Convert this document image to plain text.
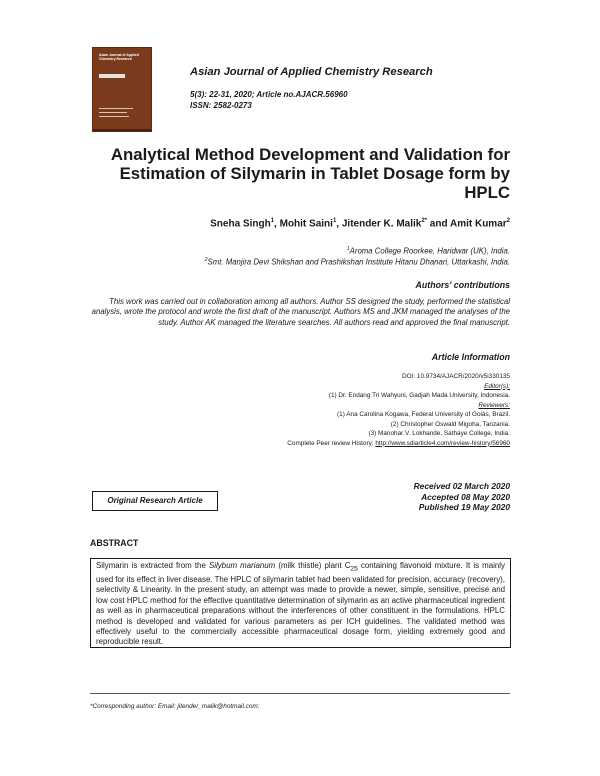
Asian Journal of Applied Chemistry Research
Asian Journal of Applied Chemistry Research
5(3): 22-31, 2020; Article no.AJACR.56960
ISSN: 2582-0273
Analytical Method Development and Validation for Estimation of Silymarin in Tablet Dosage form by HPLC
Sneha Singh$^1$, Mohit Saini$^1$, Jitender K. Malik$^{2*}$ and Amit Kumar$^2$
$^1$Aroma College Roorkee, Haridwar (UK), India.
$^2$Smt. Manjira Devi Shikshan and Prashikshan Institute Hitanu Dhanari, Uttarkashi, India.
Authors' contributions

This work was carried out in collaboration among all authors. Author SS designed the study, performed the statistical analysis, wrote the protocol and wrote the first draft of the manuscript. Authors MS and JKM managed the analyses of the study. Author AK managed the literature searches. All authors read and approved the final manuscript.

Article Information
DOI: 10.9734/AJACR/2020/v5i330135
Editor(s):
(1) Dr. Endang Tri Wahyuni, Gadjah Mada University, Indonesia.
Reviewers:
(1) Ana Carolina Kogawa, Federal University of Goiás, Brazil.
(2) Christopher Oswald Migoha, Tanzania.
(3) Manohar V. Lokhande, Sathaye College, India.
Complete Peer review History: http://www.sdiarticle4.com/review-history/56960
Original Research Article
Received 02 March 2020
Accepted 08 May 2020
Published 19 May 2020
ABSTRACT

Silymarin is extracted from the Silybum marianum (milk thistle) plant $C_{25}$ containing flavonoid mixture. It is mainly used for its effect in liver disease. The HPLC of silymarin tablet had been validated for precision, accuracy (recovery), selectivity & Linearity. In the present study, an attempt was made to provide a newer, simple, sensitive, precise and low cost HPLC method for the effective quantitative determination of silymarin as an active pharmaceutical ingredient as well as in pharmaceutical preparations without the interferences of other constituent in the formulations. HPLC method is developed and validated for various parameters as per ICH guidelines. The validated method was effectively useful to the commercially accessible pharmaceutical dosage form, yielding extremely good and reproducible result.

*Corresponding author: Email: jitender_malik@hotmail.com;
